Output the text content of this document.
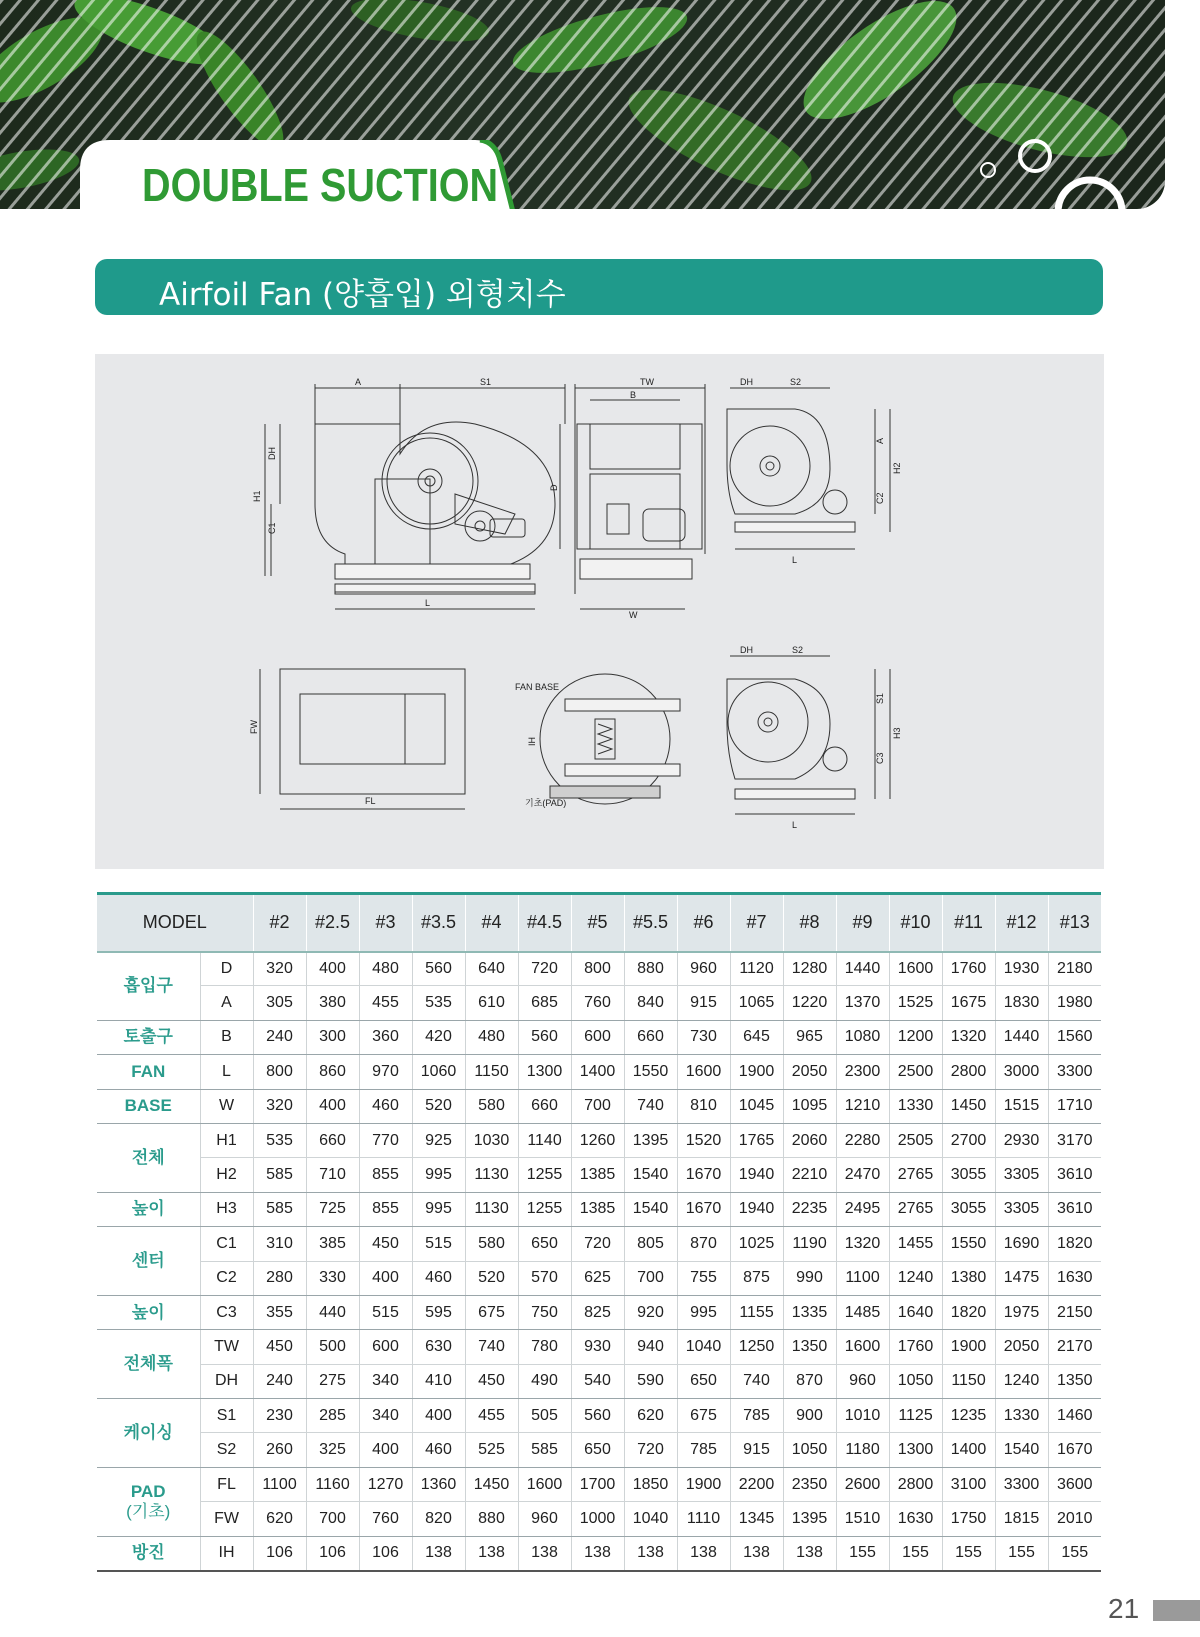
DOUBLE SUCTION
Airfoil Fan (양흡입) 외형치수
A	S1
DH
H1
C1
L
TW
B
D
W
DH	S2
L
A
H2
C2
FW
FL
FAN BASE
IH
기초(PAD)
DH	S2
L
S1
H3
C3
MODEL		#2	#2.5	#3	#3.5	#4	#4.5	#5	#5.5	#6	#7	#8	#9	#10	#11	#12	#13
흡입구	D	320	400	480	560	640	720	800	880	960	1120	1280	1440	1600	1760	1930	2180
	A	305	380	455	535	610	685	760	840	915	1065	1220	1370	1525	1675	1830	1980
토출구	B	240	300	360	420	480	560	600	660	730	645	965	1080	1200	1320	1440	1560
FAN	L	800	860	970	1060	1150	1300	1400	1550	1600	1900	2050	2300	2500	2800	3000	3300
BASE	W	320	400	460	520	580	660	700	740	810	1045	1095	1210	1330	1450	1515	1710
전체	H1	535	660	770	925	1030	1140	1260	1395	1520	1765	2060	2280	2505	2700	2930	3170
	H2	585	710	855	995	1130	1255	1385	1540	1670	1940	2210	2470	2765	3055	3305	3610
높이	H3	585	725	855	995	1130	1255	1385	1540	1670	1940	2235	2495	2765	3055	3305	3610
센터	C1	310	385	450	515	580	650	720	805	870	1025	1190	1320	1455	1550	1690	1820
	C2	280	330	400	460	520	570	625	700	755	875	990	1100	1240	1380	1475	1630
높이	C3	355	440	515	595	675	750	825	920	995	1155	1335	1485	1640	1820	1975	2150
전체폭	TW	450	500	600	630	740	780	930	940	1040	1250	1350	1600	1760	1900	2050	2170
	DH	240	275	340	410	450	490	540	590	650	740	870	960	1050	1150	1240	1350
케이싱	S1	230	285	340	400	455	505	560	620	675	785	900	1010	1125	1235	1330	1460
	S2	260	325	400	460	525	585	650	720	785	915	1050	1180	1300	1400	1540	1670
PAD
(기초)	FL	1100	1160	1270	1360	1450	1600	1700	1850	1900	2200	2350	2600	2800	3100	3300	3600
	FW	620	700	760	820	880	960	1000	1040	1110	1345	1395	1510	1630	1750	1815	2010
방진	IH	106	106	106	138	138	138	138	138	138	138	138	155	155	155	155	155
21
